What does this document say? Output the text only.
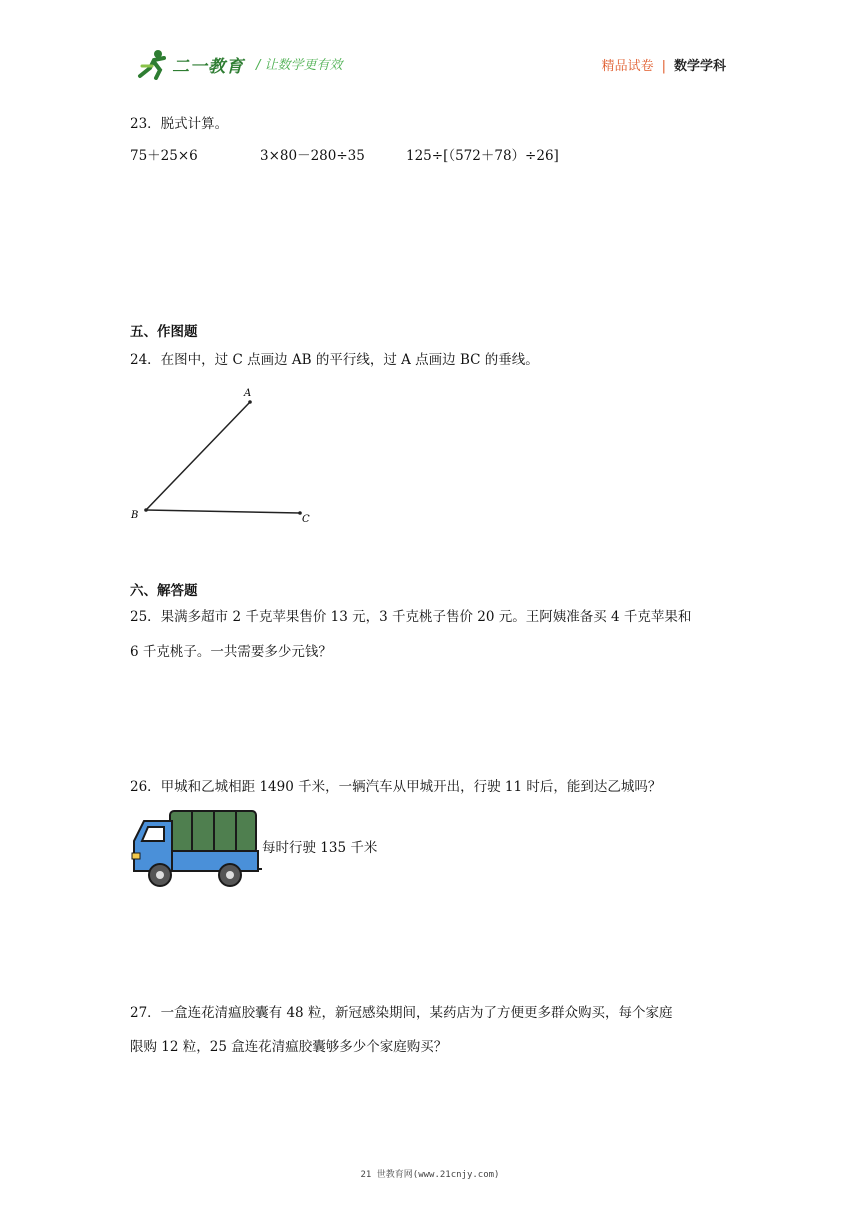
二一教育 / 让数学更有效	精品试卷 | 数学学科
23．脱式计算。
75＋25×6	3×80－280÷35	125÷[（572＋78）÷26]
五、作图题
24．在图中，过 C 点画边 AB 的平行线，过 A 点画边 BC 的垂线。
A
B	C
六、解答题
25．果满多超市 2 千克苹果售价 13 元，3 千克桃子售价 20 元。王阿姨准备买 4 千克苹果和
6 千克桃子。一共需要多少元钱？
26．甲城和乙城相距 1490 千米，一辆汽车从甲城开出，行驶 11 时后，能到达乙城吗？
每时行驶 135 千米
27．一盒连花清瘟胶囊有 48 粒，新冠感染期间，某药店为了方便更多群众购买，每个家庭
限购 12 粒，25 盒连花清瘟胶囊够多少个家庭购买？
21 世教育网(www.21cnjy.com)
